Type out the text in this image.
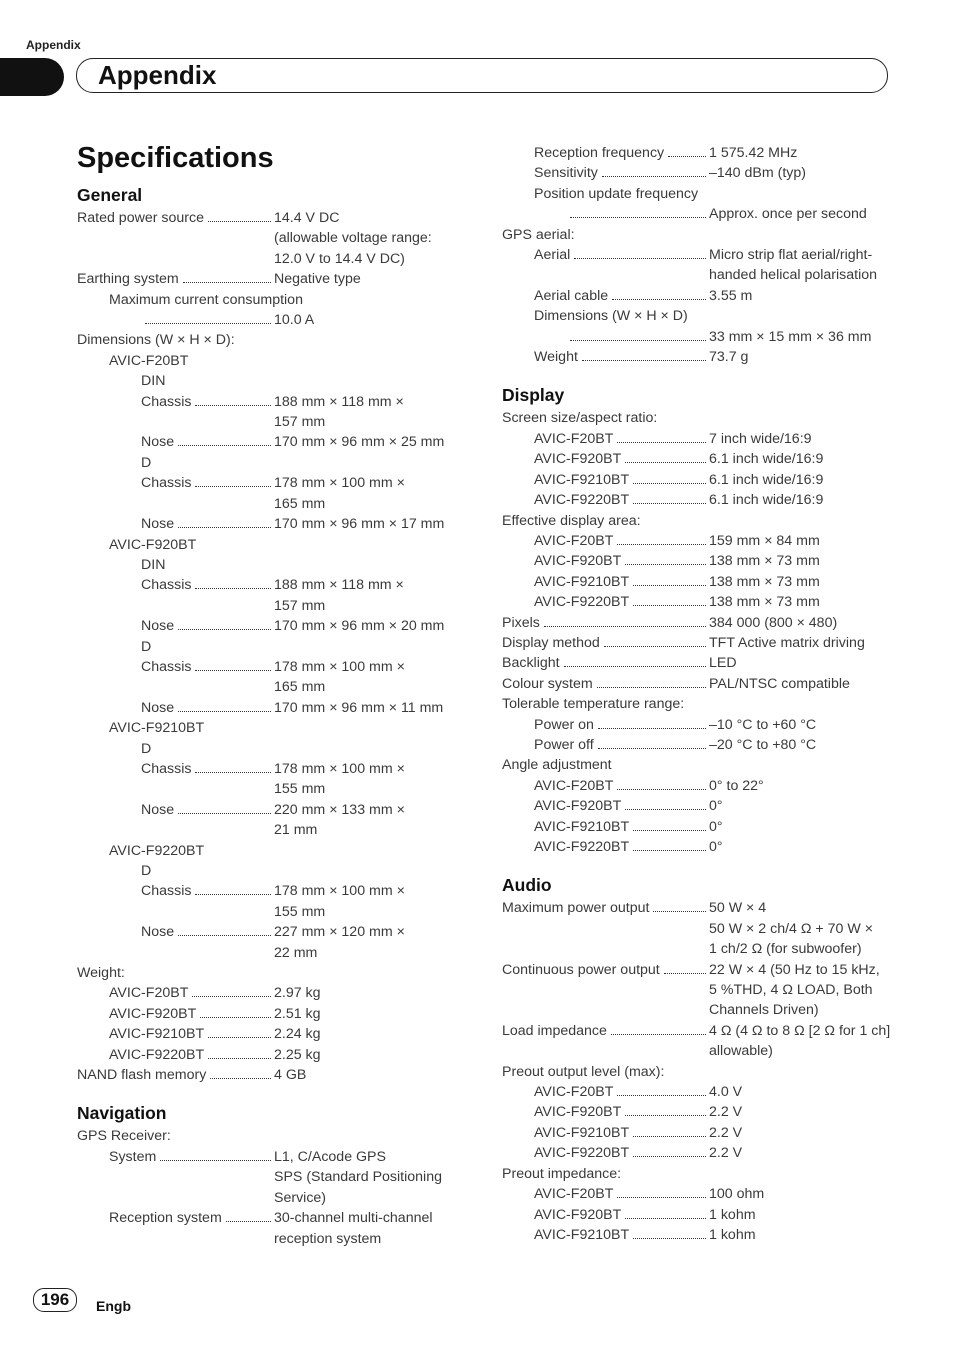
Appendix
Appendix
Specifications
General
Rated power source	14.4 V DC
(allowable voltage range:
12.0 V to 14.4 V DC)
Earthing system	Negative type
Maximum current consumption
10.0 A
Dimensions (W × H × D):
AVIC-F20BT
DIN
Chassis	188 mm × 118 mm ×
157 mm
Nose	170 mm × 96 mm × 25 mm
D
Chassis	178 mm × 100 mm ×
165 mm
Nose	170 mm × 96 mm × 17 mm
AVIC-F920BT
DIN
Chassis	188 mm × 118 mm ×
157 mm
Nose	170 mm × 96 mm × 20 mm
D
Chassis	178 mm × 100 mm ×
165 mm
Nose	170 mm × 96 mm × 11 mm
AVIC-F9210BT
D
Chassis	178 mm × 100 mm ×
155 mm
Nose	220 mm × 133 mm ×
21 mm
AVIC-F9220BT
D
Chassis	178 mm × 100 mm ×
155 mm
Nose	227 mm × 120 mm ×
22 mm
Weight:
AVIC-F20BT	2.97 kg
AVIC-F920BT	2.51 kg
AVIC-F9210BT	2.24 kg
AVIC-F9220BT	2.25 kg
NAND flash memory	4 GB
Navigation
GPS Receiver:
System	L1, C/Acode GPS
SPS (Standard Positioning
Service)
Reception system	30-channel multi-channel
reception system
Reception frequency	1 575.42 MHz
Sensitivity	–140 dBm (typ)
Position update frequency
Approx. once per second
GPS aerial:
Aerial	Micro strip flat aerial/right-
handed helical polarisation
Aerial cable	3.55 m
Dimensions (W × H × D)
33 mm × 15 mm × 36 mm
Weight	73.7 g
Display
Screen size/aspect ratio:
AVIC-F20BT	7 inch wide/16:9
AVIC-F920BT	6.1 inch wide/16:9
AVIC-F9210BT	6.1 inch wide/16:9
AVIC-F9220BT	6.1 inch wide/16:9
Effective display area:
AVIC-F20BT	159 mm × 84 mm
AVIC-F920BT	138 mm × 73 mm
AVIC-F9210BT	138 mm × 73 mm
AVIC-F9220BT	138 mm × 73 mm
Pixels	384 000 (800 × 480)
Display method	TFT Active matrix driving
Backlight	LED
Colour system	PAL/NTSC compatible
Tolerable temperature range:
Power on	–10 °C to +60 °C
Power off	–20 °C to +80 °C
Angle adjustment
AVIC-F20BT	0° to 22°
AVIC-F920BT	0°
AVIC-F9210BT	0°
AVIC-F9220BT	0°
Audio
Maximum power output	50 W × 4
50 W × 2 ch/4 Ω + 70 W ×
1 ch/2 Ω (for subwoofer)
Continuous power output	22 W × 4 (50 Hz to 15 kHz,
5 %THD, 4 Ω LOAD, Both
Channels Driven)
Load impedance	4 Ω (4 Ω to 8 Ω [2 Ω for 1 ch]
allowable)
Preout output level (max):
AVIC-F20BT	4.0 V
AVIC-F920BT	2.2 V
AVIC-F9210BT	2.2 V
AVIC-F9220BT	2.2 V
Preout impedance:
AVIC-F20BT	100 ohm
AVIC-F920BT	1 kohm
AVIC-F9210BT	1 kohm
196	Engb
